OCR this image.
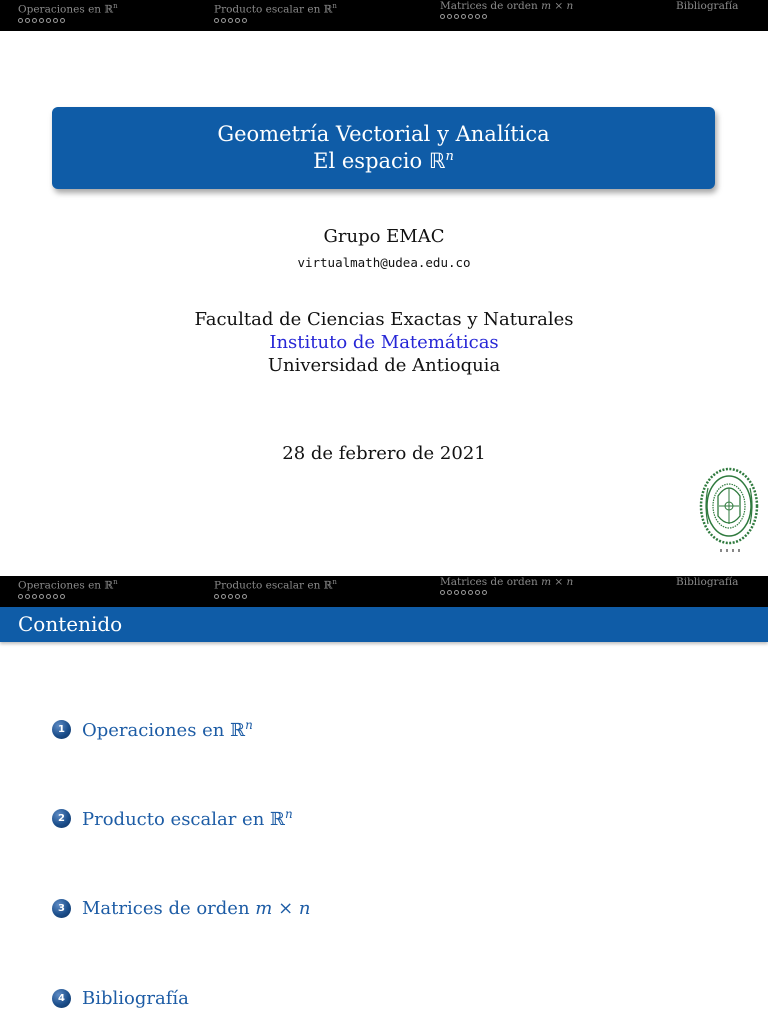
Operaciones en ℝ$^n$	Producto escalar en ℝ$^n$	Matrices de orden m × n	Bibliografía
Geometría Vectorial y Analítica
El espacio ℝ$^n$
Grupo EMAC
virtualmath@udea.edu.co
Facultad de Ciencias Exactas y Naturales
Instituto de Matemáticas
Universidad de Antioquia
28 de febrero de 2021
Operaciones en ℝ$^n$	Producto escalar en ℝ$^n$	Matrices de orden m × n	Bibliografía
Contenido
1 Operaciones en ℝ$^n$
2 Producto escalar en ℝ$^n$
3 Matrices de orden m × n
4 Bibliografía
